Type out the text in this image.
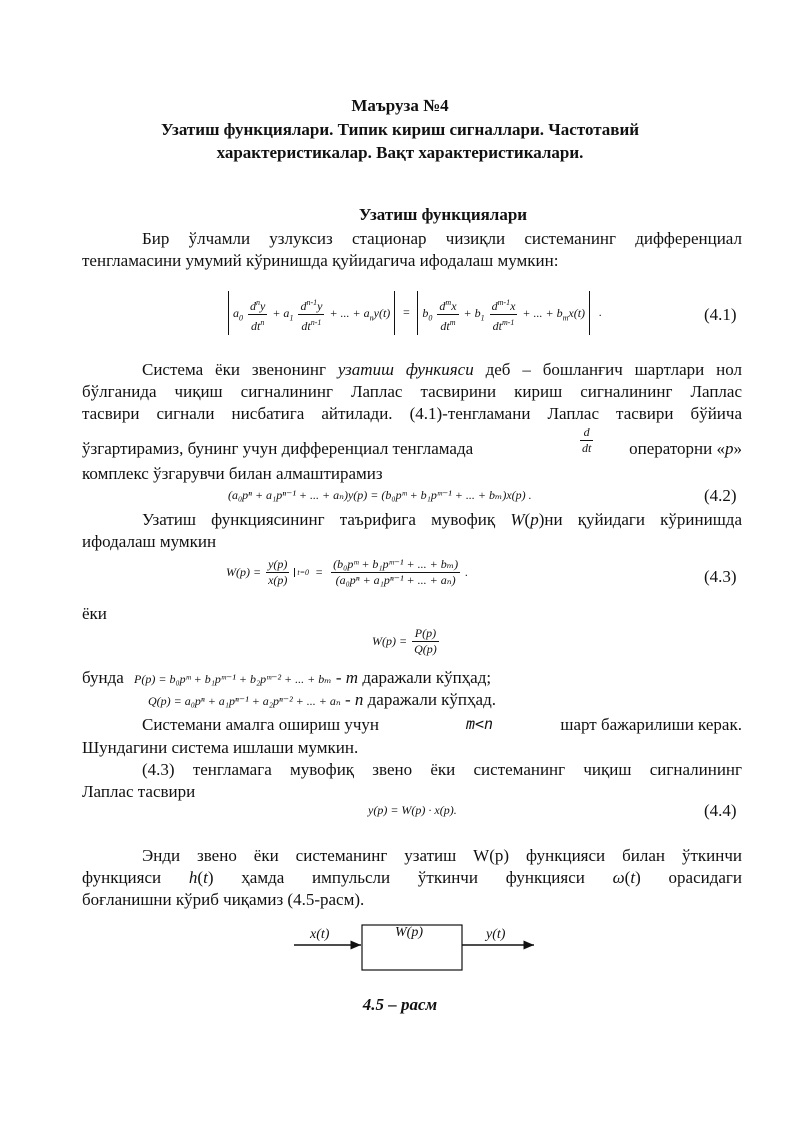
Маъруза №4
Узатиш функциялари. Типик кириш сигналлари. Частотавий
характеристикалар. Вақт характеристикалари.
Узатиш функциялари
Бир ўлчамли узлуксиз стационар чизиқли системанинг дифференциал
тенгламасини умумий кўринишда қуйидагича ифодалаш мумкин:
$a_0 \frac{d^ny}{dt^n} + a_1 \frac{d^{n-1}y}{dt^{n-1}}$ + ... + $a_ny(t) = b_0 \frac{d^mx}{dt^m} + b_1 \frac{d^{m-1}x}{dt^{m-1}}$ + ... + $b_mx(t)$ .	(4.1)
Система ёки звенонинг узатиш функияси деб – бошланғич шартлари нол
бўлганида чиқиш сигналининг Лаплас тасвирини кириш сигналининг Лаплас
тасвири сигнали нисбатига айтилади. (4.1)-тенгламани Лаплас тасвири бўйича
ўзгартирамиз, бунинг учун дифференциал тенгламада	$\frac{d}{dt}$ операторни «p»
комплекс ўзгарувчи билан алмаштирамиз
(a₀pⁿ + a₁pⁿ⁻¹ + ... + aₙ)y(p) = (b₀pᵐ + b₁pᵐ⁻¹ + ... + bₘ)x(p) .	(4.2)
Узатиш функциясининг таърифига мувофиқ W(p)ни қуйидаги кўринишда
ифодалаш мумкин
$W(p) = \frac{y(p)}{x(p)} t=0 = \frac{\text{(b₀pᵐ + b₁pᵐ⁻¹ + ... + bₘ)}}{\text{(a₀pⁿ + a₁pⁿ⁻¹ + ... + aₙ)}}$ .	(4.3)
ёки
$W(p) = \frac{P(p)}{Q(p)}$
бунда P(p) = b₀pᵐ + b₁pᵐ⁻¹ + b₂pᵐ⁻² + ... + bₘ - m даражали кўпҳад;
Q(p) = a₀pⁿ + a₁pⁿ⁻¹ + a₂pⁿ⁻² + ... + aₙ - n даражали кўпҳад.
Системани амалга ошириш учун	m<n	шарт бажарилиши керак.
Шундагини система ишлаши мумкин.
(4.3) тенгламага мувофиқ звено ёки системанинг чиқиш сигналининг
Лаплас тасвири
y(p) = W(p) · x(p).	(4.4)
Энди звено ёки системанинг узатиш W(p) функцияси билан ўткинчи
функцияси h(t) ҳамда импульсли ўткинчи функцияси ω(t) орасидаги
боғланишни кўриб чиқамиз (4.5-расм).
x(t)	W(p)	y(t)
4.5 – расм
